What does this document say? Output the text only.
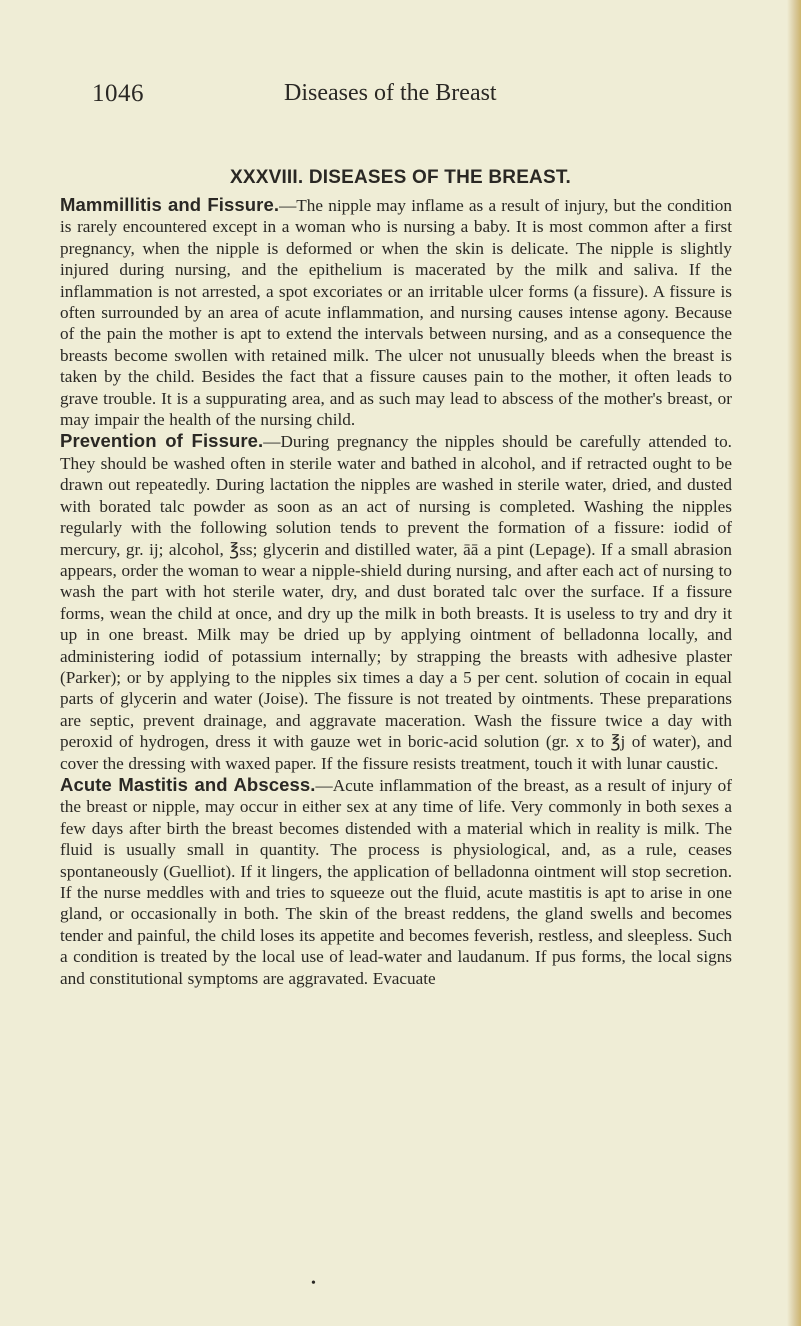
1046	Diseases of the Breast
XXXVIII. DISEASES OF THE BREAST.

Mammillitis and Fissure.—The nipple may inflame as a result of injury, but the condition is rarely encountered except in a woman who is nursing a baby. It is most common after a first pregnancy, when the nipple is deformed or when the skin is delicate. The nipple is slightly injured during nursing, and the epithelium is macerated by the milk and saliva. If the inflammation is not arrested, a spot excoriates or an irritable ulcer forms (a fissure). A fissure is often surrounded by an area of acute inflammation, and nursing causes intense agony. Because of the pain the mother is apt to extend the intervals between nursing, and as a consequence the breasts become swollen with retained milk. The ulcer not unusually bleeds when the breast is taken by the child. Besides the fact that a fissure causes pain to the mother, it often leads to grave trouble. It is a suppurating area, and as such may lead to abscess of the mother's breast, or may impair the health of the nursing child.

Prevention of Fissure.—During pregnancy the nipples should be carefully attended to. They should be washed often in sterile water and bathed in alcohol, and if retracted ought to be drawn out repeatedly. During lactation the nipples are washed in sterile water, dried, and dusted with borated talc powder as soon as an act of nursing is completed. Washing the nipples regularly with the following solution tends to prevent the formation of a fissure: iodid of mercury, gr. ij; alcohol, ℥ss; glycerin and distilled water, āā a pint (Lepage). If a small abrasion appears, order the woman to wear a nipple-shield during nursing, and after each act of nursing to wash the part with hot sterile water, dry, and dust borated talc over the surface. If a fissure forms, wean the child at once, and dry up the milk in both breasts. It is useless to try and dry it up in one breast. Milk may be dried up by applying ointment of belladonna locally, and administering iodid of potassium internally; by strapping the breasts with adhesive plaster (Parker); or by applying to the nipples six times a day a 5 per cent. solution of cocain in equal parts of glycerin and water (Joise). The fissure is not treated by ointments. These preparations are septic, prevent drainage, and aggravate maceration. Wash the fissure twice a day with peroxid of hydrogen, dress it with gauze wet in boric-acid solution (gr. x to ℥j of water), and cover the dressing with waxed paper. If the fissure resists treatment, touch it with lunar caustic.

Acute Mastitis and Abscess.—Acute inflammation of the breast, as a result of injury of the breast or nipple, may occur in either sex at any time of life. Very commonly in both sexes a few days after birth the breast becomes distended with a material which in reality is milk. The fluid is usually small in quantity. The process is physiological, and, as a rule, ceases spontaneously (Guelliot). If it lingers, the application of belladonna ointment will stop secretion. If the nurse meddles with and tries to squeeze out the fluid, acute mastitis is apt to arise in one gland, or occasionally in both. The skin of the breast reddens, the gland swells and becomes tender and painful, the child loses its appetite and becomes feverish, restless, and sleepless. Such a condition is treated by the local use of lead-water and laudanum. If pus forms, the local signs and constitutional symptoms are aggravated. Evacuate

•
